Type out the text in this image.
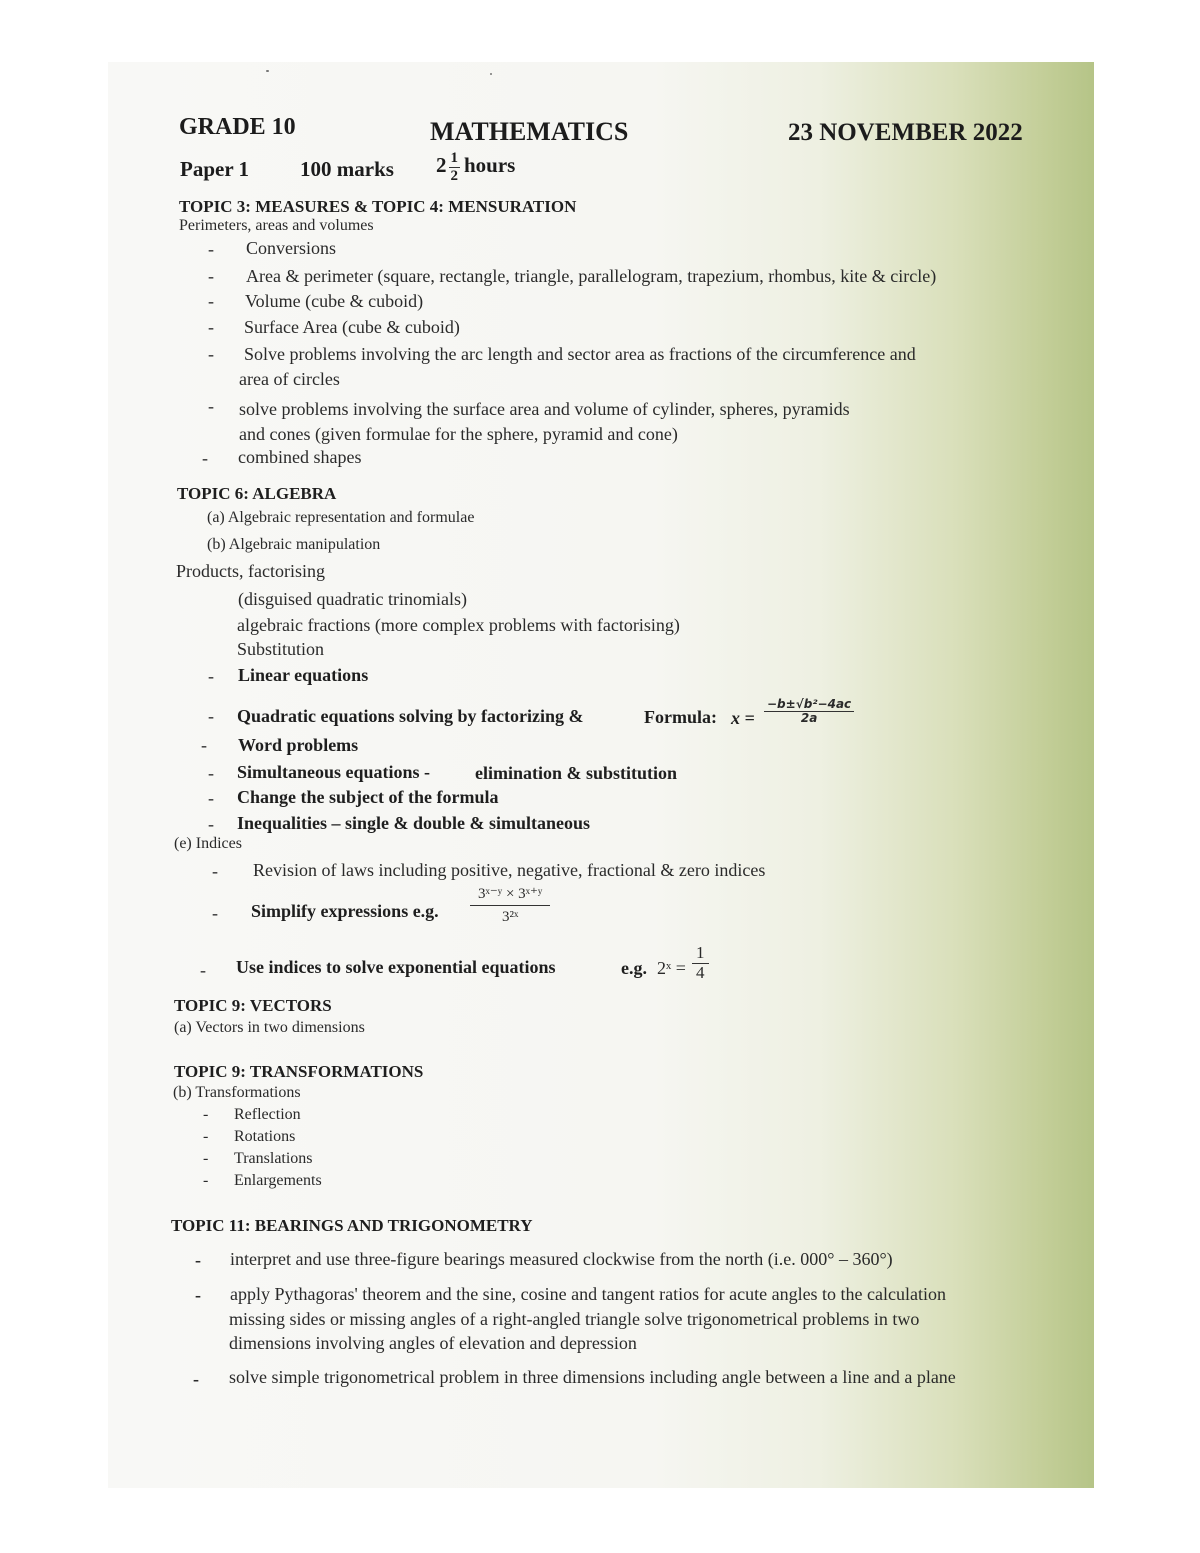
GRADE 10	MATHEMATICS	23 NOVEMBER 2022
Paper 1 100 marks $2 \frac{1}{2}$ hours
TOPIC 3: MEASURES & TOPIC 4: MENSURATION
Perimeters, areas and volumes
- Conversions
- Area & perimeter (square, rectangle, triangle, parallelogram, trapezium, rhombus, kite & circle)
- Volume (cube & cuboid)
- Surface Area (cube & cuboid)
- Solve problems involving the arc length and sector area as fractions of the circumference and
area of circles
- solve problems involving the surface area and volume of cylinder, spheres, pyramids
and cones (given formulae for the sphere, pyramid and cone)
- combined shapes
TOPIC 6: ALGEBRA
(a) Algebraic representation and formulae
(b) Algebraic manipulation
Products, factorising
(disguised quadratic trinomials)
algebraic fractions (more complex problems with factorising)
Substitution
- Linear equations
- Quadratic equations solving by factorizing &	Formula: $x = \frac{\text{−b±√b²−4ac}}{2a}$
- Word problems
- Simultaneous equations - elimination & substitution
- Change the subject of the formula
- Inequalities – single & double & simultaneous
(e) Indices
- Revision of laws including positive, negative, fractional & zero indices
- Simplify expressions e.g. $\frac{\text{3ˣ⁻ʸ × 3ˣ⁺ʸ}}{\text{3²ˣ}}$
- Use indices to solve exponential equations	e.g. 2ˣ = $\frac{1}{4}$
TOPIC 9: VECTORS
(a) Vectors in two dimensions
TOPIC 9: TRANSFORMATIONS
(b) Transformations
- Reflection
- Rotations
- Translations
- Enlargements
TOPIC 11: BEARINGS AND TRIGONOMETRY
- interpret and use three-figure bearings measured clockwise from the north (i.e. 000° – 360°)
- apply Pythagoras' theorem and the sine, cosine and tangent ratios for acute angles to the calculation
missing sides or missing angles of a right-angled triangle solve trigonometrical problems in two
dimensions involving angles of elevation and depression
- solve simple trigonometrical problem in three dimensions including angle between a line and a plane
